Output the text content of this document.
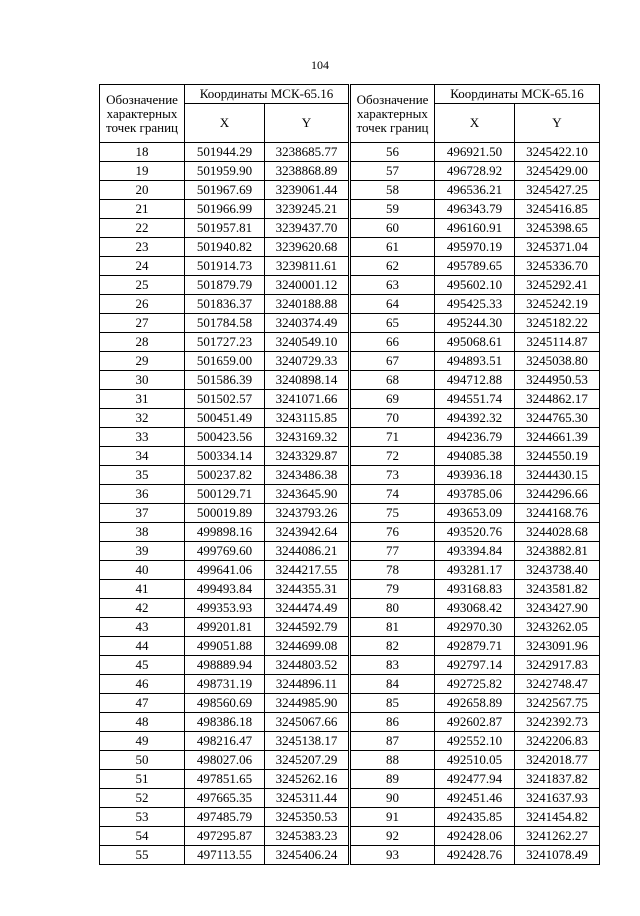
104
Обозначение характерных точек границ	Координаты МСК-65.16		Обозначение характерных точек границ	Координаты МСК-65.16	
	X	Y		X	Y
18	501944.29	3238685.77	56	496921.50	3245422.10
19	501959.90	3238868.89	57	496728.92	3245429.00
20	501967.69	3239061.44	58	496536.21	3245427.25
21	501966.99	3239245.21	59	496343.79	3245416.85
22	501957.81	3239437.70	60	496160.91	3245398.65
23	501940.82	3239620.68	61	495970.19	3245371.04
24	501914.73	3239811.61	62	495789.65	3245336.70
25	501879.79	3240001.12	63	495602.10	3245292.41
26	501836.37	3240188.88	64	495425.33	3245242.19
27	501784.58	3240374.49	65	495244.30	3245182.22
28	501727.23	3240549.10	66	495068.61	3245114.87
29	501659.00	3240729.33	67	494893.51	3245038.80
30	501586.39	3240898.14	68	494712.88	3244950.53
31	501502.57	3241071.66	69	494551.74	3244862.17
32	500451.49	3243115.85	70	494392.32	3244765.30
33	500423.56	3243169.32	71	494236.79	3244661.39
34	500334.14	3243329.87	72	494085.38	3244550.19
35	500237.82	3243486.38	73	493936.18	3244430.15
36	500129.71	3243645.90	74	493785.06	3244296.66
37	500019.89	3243793.26	75	493653.09	3244168.76
38	499898.16	3243942.64	76	493520.76	3244028.68
39	499769.60	3244086.21	77	493394.84	3243882.81
40	499641.06	3244217.55	78	493281.17	3243738.40
41	499493.84	3244355.31	79	493168.83	3243581.82
42	499353.93	3244474.49	80	493068.42	3243427.90
43	499201.81	3244592.79	81	492970.30	3243262.05
44	499051.88	3244699.08	82	492879.71	3243091.96
45	498889.94	3244803.52	83	492797.14	3242917.83
46	498731.19	3244896.11	84	492725.82	3242748.47
47	498560.69	3244985.90	85	492658.89	3242567.75
48	498386.18	3245067.66	86	492602.87	3242392.73
49	498216.47	3245138.17	87	492552.10	3242206.83
50	498027.06	3245207.29	88	492510.05	3242018.77
51	497851.65	3245262.16	89	492477.94	3241837.82
52	497665.35	3245311.44	90	492451.46	3241637.93
53	497485.79	3245350.53	91	492435.85	3241454.82
54	497295.87	3245383.23	92	492428.06	3241262.27
55	497113.55	3245406.24	93	492428.76	3241078.49
